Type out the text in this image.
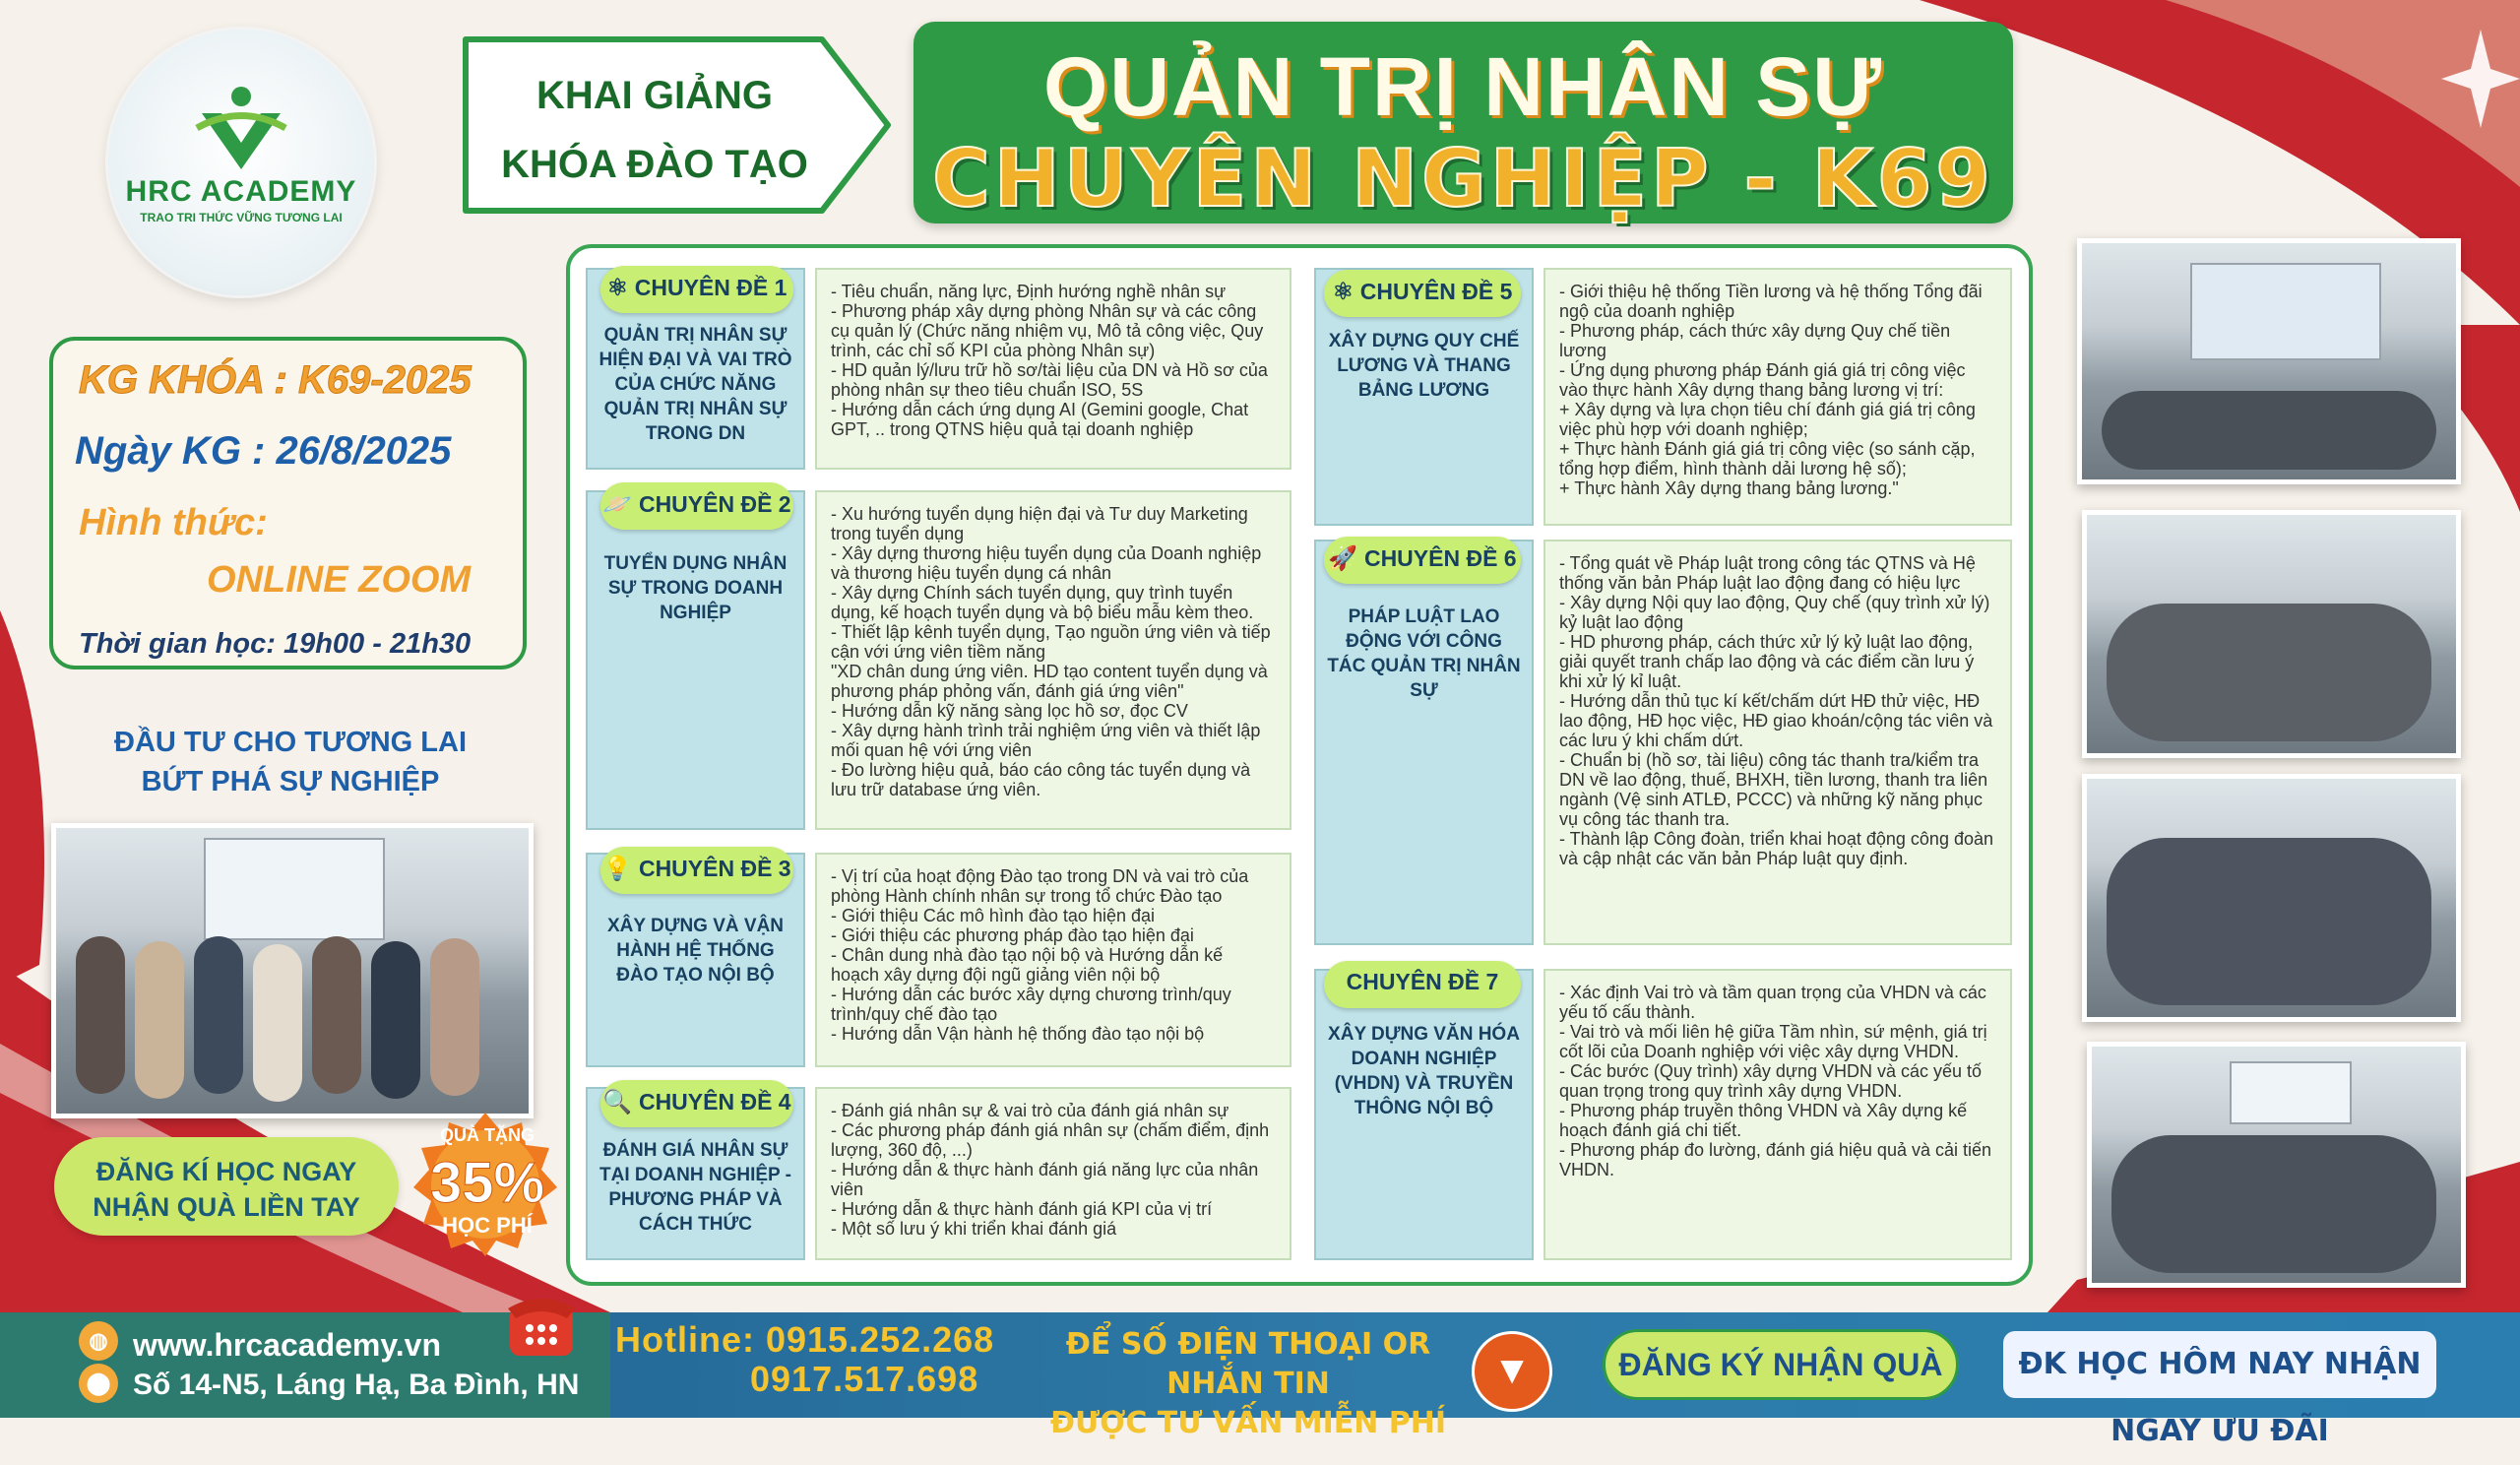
HRC ACADEMY
TRAO TRI THỨC VỮNG TƯƠNG LAI
KHAI GIẢNG
KHÓA ĐÀO TẠO
QUẢN TRỊ NHÂN SỰ
CHUYÊN NGHIỆP - K69
KG KHÓA : K69-2025
Ngày KG : 26/8/2025
Hình thức:
ONLINE ZOOM
Thời gian học: 19h00 - 21h30
ĐẦU TƯ CHO TƯƠNG LAI
BỨT PHÁ SỰ NGHIỆP
ĐĂNG KÍ HỌC NGAY
NHẬN QUÀ LIỀN TAY
QUÀ TẶNG
35%
HỌC PHÍ
⚛ CHUYÊN ĐỀ 1
QUẢN TRỊ NHÂN SỰ HIỆN ĐẠI VÀ VAI TRÒ CỦA CHỨC NĂNG QUẢN TRỊ NHÂN SỰ TRONG DN
- Tiêu chuẩn, năng lực, Định hướng nghề nhân sự
- Phương pháp xây dựng phòng Nhân sự và các công cụ quản lý (Chức năng nhiệm vụ, Mô tả công việc, Quy trình, các chỉ số KPI của phòng Nhân sự)
- HD quản lý/lưu trữ hồ sơ/tài liệu của DN và Hồ sơ của phòng nhân sự theo tiêu chuẩn ISO, 5S
- Hướng dẫn cách ứng dụng AI (Gemini google, Chat GPT, .. trong QTNS hiệu quả tại doanh nghiệp
🪐 CHUYÊN ĐỀ 2
TUYỂN DỤNG NHÂN SỰ TRONG DOANH NGHIỆP
- Xu hướng tuyển dụng hiện đại và Tư duy Marketing trong tuyển dụng
- Xây dựng thương hiệu tuyển dụng của Doanh nghiệp và thương hiệu tuyển dụng cá nhân
- Xây dựng Chính sách tuyển dụng, quy trình tuyển dụng, kế hoạch tuyển dụng và bộ biểu mẫu kèm theo.
- Thiết lập kênh tuyển dụng, Tạo nguồn ứng viên và tiếp cận với ứng viên tiềm năng
"XD chân dung ứng viên. HD tạo content tuyển dụng và phương pháp phỏng vấn, đánh giá ứng viên"
- Hướng dẫn kỹ năng sàng lọc hồ sơ, đọc CV
- Xây dựng hành trình trải nghiệm ứng viên và thiết lập mối quan hệ với ứng viên
- Đo lường hiệu quả, báo cáo công tác tuyển dụng và lưu trữ database ứng viên.
💡 CHUYÊN ĐỀ 3
XÂY DỰNG VÀ VẬN HÀNH HỆ THỐNG ĐÀO TẠO NỘI BỘ
- Vị trí của hoạt động Đào tạo trong DN và vai trò của phòng Hành chính nhân sự trong tổ chức Đào tạo
- Giới thiệu Các mô hình đào tạo hiện đại
- Giới thiệu các phương pháp đào tạo hiện đại
- Chân dung nhà đào tạo nội bộ và Hướng dẫn kế hoạch xây dựng đội ngũ giảng viên nội bộ
- Hướng dẫn các bước xây dựng chương trình/quy trình/quy chế đào tạo
- Hướng dẫn Vận hành hệ thống đào tạo nội bộ
🔍 CHUYÊN ĐỀ 4
ĐÁNH GIÁ NHÂN SỰ TẠI DOANH NGHIỆP - PHƯƠNG PHÁP VÀ CÁCH THỨC
- Đánh giá nhân sự & vai trò của đánh giá nhân sự
- Các phương pháp đánh giá nhân sự (chấm điểm, định lượng, 360 độ, ...)
- Hướng dẫn & thực hành đánh giá năng lực của nhân viên
- Hướng dẫn & thực hành đánh giá KPI của vị trí
- Một số lưu ý khi triển khai đánh giá
⚛ CHUYÊN ĐỀ 5
XÂY DỰNG QUY CHẾ LƯƠNG VÀ THANG BẢNG LƯƠNG
- Giới thiệu hệ thống Tiền lương và hệ thống Tổng đãi ngộ của doanh nghiệp
- Phương pháp, cách thức xây dựng Quy chế tiền lương
- Ứng dụng phương pháp Đánh giá giá trị công việc vào thực hành Xây dựng thang bảng lương vị trí:
+ Xây dựng và lựa chọn tiêu chí đánh giá giá trị công việc phù hợp với doanh nghiệp;
+ Thực hành Đánh giá giá trị công việc (so sánh cặp, tổng hợp điểm, hình thành dải lương hệ số);
+ Thực hành Xây dựng thang bảng lương."
🚀 CHUYÊN ĐỀ 6
PHÁP LUẬT LAO ĐỘNG VỚI CÔNG TÁC QUẢN TRỊ NHÂN SỰ
- Tổng quát về Pháp luật trong công tác QTNS và Hệ thống văn bản Pháp luật lao động đang có hiệu lực
- Xây dựng Nội quy lao động, Quy chế (quy trình xử lý) kỷ luật lao động
- HD phương pháp, cách thức xử lý kỷ luật lao động, giải quyết tranh chấp lao động và các điểm cần lưu ý khi xử lý kỉ luật.
- Hướng dẫn thủ tục kí kết/chấm dứt HĐ thử việc, HĐ lao động, HĐ học việc, HĐ giao khoán/cộng tác viên và các lưu ý khi chấm dứt.
- Chuẩn bị (hồ sơ, tài liệu) công tác thanh tra/kiểm tra DN về lao động, thuế, BHXH, tiền lương, thanh tra liên ngành (Vệ sinh ATLĐ, PCCC) và những kỹ năng phục vụ công tác thanh tra.
- Thành lập Công đoàn, triển khai hoạt động công đoàn và cập nhật các văn bản Pháp luật quy định.
CHUYÊN ĐỀ 7
XÂY DỰNG VĂN HÓA DOANH NGHIỆP (VHDN) VÀ TRUYỀN THÔNG NỘI BỘ
- Xác định Vai trò và tầm quan trọng của VHDN và các yếu tố cấu thành.
- Vai trò và mối liên hệ giữa Tầm nhìn, sứ mệnh, giá trị cốt lõi của Doanh nghiệp với việc xây dựng VHDN.
- Các bước (Quy trình) xây dựng VHDN và các yếu tố quan trọng trong quy trình xây dựng VHDN.
- Phương pháp truyền thông VHDN và Xây dựng kế hoạch đánh giá chi tiết.
- Phương pháp đo lường, đánh giá hiệu quả và cải tiến VHDN.
◍ www.hrcacademy.vn
⬤ Số 14-N5, Láng Hạ, Ba Đình, HN
Hotline: 0915.252.268
0917.517.698
ĐỂ SỐ ĐIỆN THOẠI OR NHẮN TIN
ĐƯỢC TƯ VẤN MIỄN PHÍ
▼	ĐĂNG KÝ NHẬN QUÀ	ĐK HỌC HÔM NAY NHẬN NGAY ƯU ĐÃI
